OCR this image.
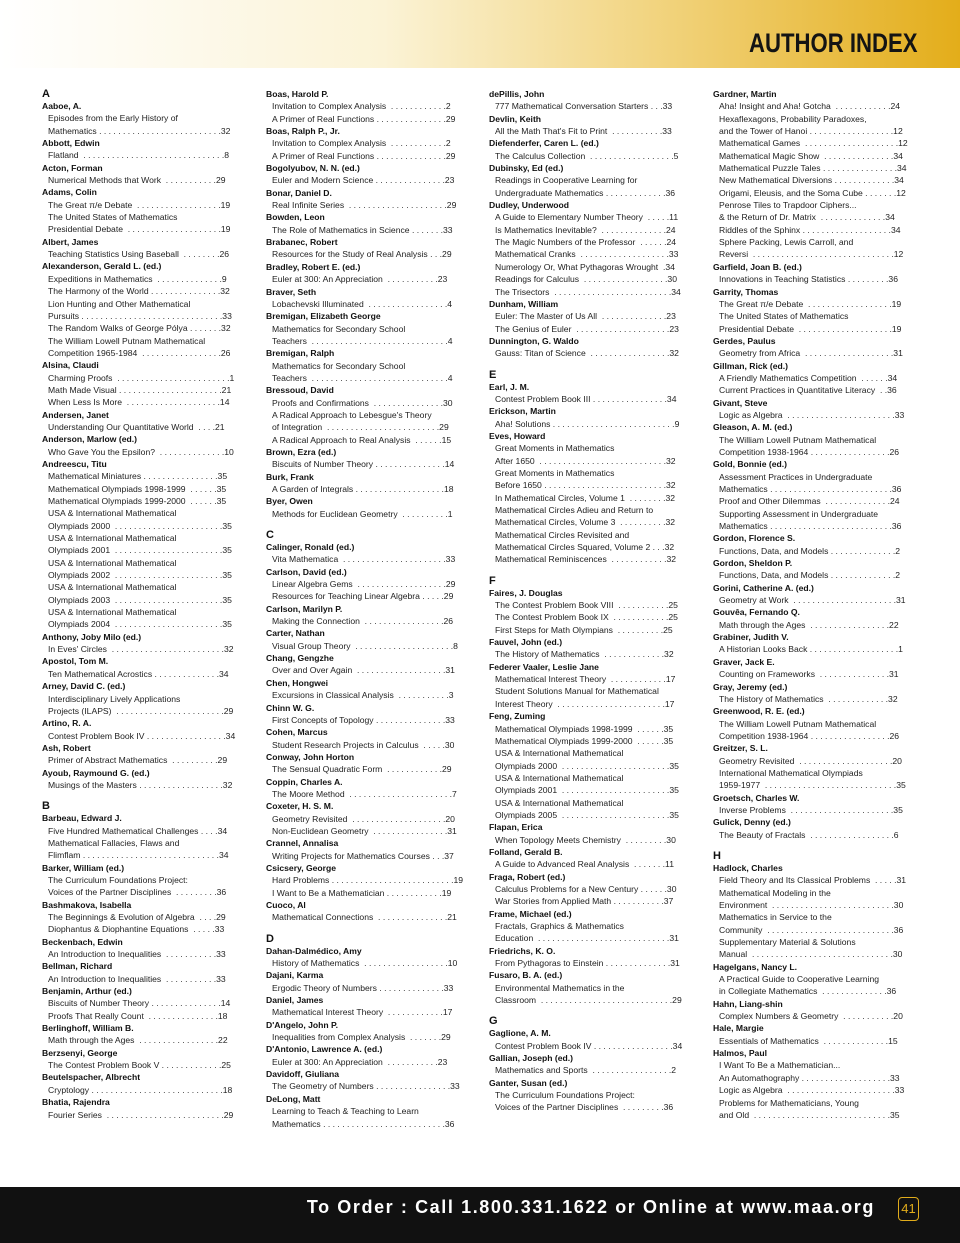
AUTHOR INDEX
A
Aaboe, A.
Episodes from the Early History of
Mathematics . . . . . . . . . . . . . . . . . . . . . . . . . .32
Abbott, Edwin
Flatland  . . . . . . . . . . . . . . . . . . . . . . . . . . . . . .8
Acton, Forman
Numerical Methods that Work  . . . . . . . . . . .29
Adams, Colin
The Great π/e Debate  . . . . . . . . . . . . . . . . . .19
The United States of Mathematics
Presidential Debate  . . . . . . . . . . . . . . . . . . . .19
Albert, James
Teaching Statistics Using Baseball  . . . . . . . .26
Alexanderson, Gerald L. (ed.)
Expeditions in Mathematics  . . . . . . . . . . . . . .9
The Harmony of the World . . . . . . . . . . . . . . .32
Lion Hunting and Other Mathematical
Pursuits . . . . . . . . . . . . . . . . . . . . . . . . . . . . . .33
The Random Walks of George Pólya . . . . . . .32
The William Lowell Putnam Mathematical
Competition 1965-1984  . . . . . . . . . . . . . . . . .26
Alsina, Claudi
Charming Proofs  . . . . . . . . . . . . . . . . . . . . . . . .1
Math Made Visual . . . . . . . . . . . . . . . . . . . . . .21
When Less Is More  . . . . . . . . . . . . . . . . . . . .14
Andersen, Janet
Understanding Our Quantitative World  . . . .21
Anderson, Marlow (ed.)
Who Gave You the Epsilon?  . . . . . . . . . . . . . .10
Andreescu, Titu
Mathematical Miniatures . . . . . . . . . . . . . . . .35
Mathematical Olympiads 1998-1999  . . . . . .35
Mathematical Olympiads 1999-2000  . . . . . .35
USA & International Mathematical
Olympiads 2000  . . . . . . . . . . . . . . . . . . . . . . .35
USA & International Mathematical
Olympiads 2001  . . . . . . . . . . . . . . . . . . . . . . .35
USA & International Mathematical
Olympiads 2002  . . . . . . . . . . . . . . . . . . . . . . .35
USA & International Mathematical
Olympiads 2003  . . . . . . . . . . . . . . . . . . . . . . .35
USA & International Mathematical
Olympiads 2004  . . . . . . . . . . . . . . . . . . . . . . .35
Anthony, Joby Milo (ed.)
In Eves' Circles  . . . . . . . . . . . . . . . . . . . . . . . .32
Apostol, Tom M.
Ten Mathematical Acrostics . . . . . . . . . . . . . .34
Arney, David C. (ed.)
Interdisciplinary Lively Applications
Projects (ILAPS)  . . . . . . . . . . . . . . . . . . . . . . .29
Artino, R. A.
Contest Problem Book IV . . . . . . . . . . . . . . . . .34
Ash, Robert
Primer of Abstract Mathematics  . . . . . . . . . .29
Ayoub, Raymound G. (ed.)
Musings of the Masters . . . . . . . . . . . . . . . . . .32
B
Barbeau, Edward J.
Five Hundred Mathematical Challenges . . . .34
Mathematical Fallacies, Flaws and
Flimflam . . . . . . . . . . . . . . . . . . . . . . . . . . . . .34
Barker, William (ed.)
The Curriculum Foundations Project:
Voices of the Partner Disciplines  . . . . . . . . .36
Bashmakova, Isabella
The Beginnings & Evolution of Algebra  . . . .29
Diophantus & Diophantine Equations  . . . . .33
Beckenbach, Edwin
An Introduction to Inequalities  . . . . . . . . . . .33
Bellman, Richard
An Introduction to Inequalities  . . . . . . . . . . .33
Benjamin, Arthur (ed.)
Biscuits of Number Theory . . . . . . . . . . . . . . .14
Proofs That Really Count  . . . . . . . . . . . . . . .18
Berlinghoff, William B.
Math through the Ages  . . . . . . . . . . . . . . . . .22
Berzsenyi, George
The Contest Problem Book V . . . . . . . . . . . . .25
Beutelspacher, Albrecht
Cryptology . . . . . . . . . . . . . . . . . . . . . . . . . . . .18
Bhatia, Rajendra
Fourier Series  . . . . . . . . . . . . . . . . . . . . . . . . .29
Boas, Harold P.
Invitation to Complex Analysis  . . . . . . . . . . . .2
A Primer of Real Functions . . . . . . . . . . . . . . .29
Boas, Ralph P., Jr.
Invitation to Complex Analysis  . . . . . . . . . . . .2
A Primer of Real Functions . . . . . . . . . . . . . . .29
Bogolyubov, N. N. (ed.)
Euler and Modern Science . . . . . . . . . . . . . . .23
Bonar, Daniel D.
Real Infinite Series  . . . . . . . . . . . . . . . . . . . . .29
Bowden, Leon
The Role of Mathematics in Science . . . . . . .33
Brabanec, Robert
Resources for the Study of Real Analysis . . .29
Bradley, Robert E. (ed.)
Euler at 300: An Appreciation  . . . . . . . . . . .23
Braver, Seth
Lobachevski Illuminated  . . . . . . . . . . . . . . . . .4
Bremigan, Elizabeth George
Mathematics for Secondary School
Teachers  . . . . . . . . . . . . . . . . . . . . . . . . . . . . .4
Bremigan, Ralph
Mathematics for Secondary School
Teachers  . . . . . . . . . . . . . . . . . . . . . . . . . . . . .4
Bressoud, David
Proofs and Confirmations  . . . . . . . . . . . . . . .30
A Radical Approach to Lebesgue's Theory
of Integration  . . . . . . . . . . . . . . . . . . . . . . . .29
A Radical Approach to Real Analysis  . . . . . .15
Brown, Ezra (ed.)
Biscuits of Number Theory . . . . . . . . . . . . . . .14
Burk, Frank
A Garden of Integrals . . . . . . . . . . . . . . . . . . .18
Byer, Owen
Methods for Euclidean Geometry  . . . . . . . . . .1
C
Calinger, Ronald (ed.)
Vita Mathematica  . . . . . . . . . . . . . . . . . . . . . .33
Carlson, David (ed.)
Linear Algebra Gems  . . . . . . . . . . . . . . . . . . .29
Resources for Teaching Linear Algebra . . . . .29
Carlson, Marilyn P.
Making the Connection  . . . . . . . . . . . . . . . . .26
Carter, Nathan
Visual Group Theory  . . . . . . . . . . . . . . . . . . . . .8
Chang, Gengzhe
Over and Over Again  . . . . . . . . . . . . . . . . . . .31
Chen, Hongwei
Excursions in Classical Analysis  . . . . . . . . . . .3
Chinn W. G.
First Concepts of Topology . . . . . . . . . . . . . . .33
Cohen, Marcus
Student Research Projects in Calculus  . . . . .30
Conway, John Horton
The Sensual Quadratic Form  . . . . . . . . . . . .29
Coppin, Charles A.
The Moore Method  . . . . . . . . . . . . . . . . . . . . . .7
Coxeter, H. S. M.
Geometry Revisited  . . . . . . . . . . . . . . . . . . . .20
Non-Euclidean Geometry  . . . . . . . . . . . . . . . .31
Crannel, Annalisa
Writing Projects for Mathematics Courses . . .37
Csicsery, George
Hard Problems . . . . . . . . . . . . . . . . . . . . . . . . . .19
I Want to Be a Mathematician . . . . . . . . . . . .19
Cuoco, Al
Mathematical Connections  . . . . . . . . . . . . . . .21
D
Dahan-Dalmédico, Amy
History of Mathematics  . . . . . . . . . . . . . . . . . .10
Dajani, Karma
Ergodic Theory of Numbers . . . . . . . . . . . . . .33
Daniel, James
Mathematical Interest Theory  . . . . . . . . . . . .17
D'Angelo, John P.
Inequalities from Complex Analysis  . . . . . . .29
D'Antonio, Lawrence A. (ed.)
Euler at 300: An Appreciation  . . . . . . . . . . .23
Davidoff, Giuliana
The Geometry of Numbers . . . . . . . . . . . . . . . .33
DeLong, Matt
Learning to Teach & Teaching to Learn
Mathematics . . . . . . . . . . . . . . . . . . . . . . . . . .36
dePillis, John
777 Mathematical Conversation Starters . . .33
Devlin, Keith
All the Math That's Fit to Print  . . . . . . . . . . .33
Diefenderfer, Caren L. (ed.)
The Calculus Collection  . . . . . . . . . . . . . . . . . .5
Dubinsky, Ed (ed.)
Readings in Cooperative Learning for
Undergraduate Mathematics . . . . . . . . . . . . .36
Dudley, Underwood
A Guide to Elementary Number Theory  . . . . .11
Is Mathematics Inevitable?  . . . . . . . . . . . . . .24
The Magic Numbers of the Professor  . . . . . .24
Mathematical Cranks  . . . . . . . . . . . . . . . . . . .33
Numerology Or, What Pythagoras Wrought  .34
Readings for Calculus  . . . . . . . . . . . . . . . . . .30
The Trisectors  . . . . . . . . . . . . . . . . . . . . . . . . .34
Dunham, William
Euler: The Master of Us All  . . . . . . . . . . . . . .23
The Genius of Euler  . . . . . . . . . . . . . . . . . . . .23
Dunnington, G. Waldo
Gauss: Titan of Science  . . . . . . . . . . . . . . . . .32
E
Earl, J. M.
Contest Problem Book III . . . . . . . . . . . . . . . .34
Erickson, Martin
Aha! Solutions . . . . . . . . . . . . . . . . . . . . . . . . . .9
Eves, Howard
Great Moments in Mathematics
After 1650  . . . . . . . . . . . . . . . . . . . . . . . . . . .32
Great Moments in Mathematics
Before 1650 . . . . . . . . . . . . . . . . . . . . . . . . . .32
In Mathematical Circles, Volume 1  . . . . . . . .32
Mathematical Circles Adieu and Return to
Mathematical Circles, Volume 3  . . . . . . . . . .32
Mathematical Circles Revisited and
Mathematical Circles Squared, Volume 2 . . .32
Mathematical Reminiscences  . . . . . . . . . . . .32
F
Faires, J. Douglas
The Contest Problem Book VIII  . . . . . . . . . . .25
The Contest Problem Book IX  . . . . . . . . . . . .25
First Steps for Math Olympians  . . . . . . . . . .25
Fauvel, John (ed.)
The History of Mathematics  . . . . . . . . . . . . .32
Federer Vaaler, Leslie Jane
Mathematical Interest Theory  . . . . . . . . . . . .17
Student Solutions Manual for Mathematical
Interest Theory  . . . . . . . . . . . . . . . . . . . . . . .17
Feng, Zuming
Mathematical Olympiads 1998-1999  . . . . . .35
Mathematical Olympiads 1999-2000  . . . . . .35
USA & International Mathematical
Olympiads 2000  . . . . . . . . . . . . . . . . . . . . . . .35
USA & International Mathematical
Olympiads 2001  . . . . . . . . . . . . . . . . . . . . . . .35
USA & International Mathematical
Olympiads 2005  . . . . . . . . . . . . . . . . . . . . . . .35
Flapan, Erica
When Topology Meets Chemistry  . . . . . . . . .30
Folland, Gerald B.
A Guide to Advanced Real Analysis  . . . . . . .11
Fraga, Robert (ed.)
Calculus Problems for a New Century . . . . . .30
War Stories from Applied Math . . . . . . . . . . .37
Frame, Michael (ed.)
Fractals, Graphics & Mathematics
Education  . . . . . . . . . . . . . . . . . . . . . . . . . . . .31
Friedrichs, K. O.
From Pythagoras to Einstein . . . . . . . . . . . . . .31
Fusaro, B. A. (ed.)
Environmental Mathematics in the
Classroom  . . . . . . . . . . . . . . . . . . . . . . . . . . . .29
G
Gaglione, A. M.
Contest Problem Book IV . . . . . . . . . . . . . . . . .34
Gallian, Joseph (ed.)
Mathematics and Sports  . . . . . . . . . . . . . . . . .2
Ganter, Susan (ed.)
The Curriculum Foundations Project:
Voices of the Partner Disciplines  . . . . . . . . .36
Gardner, Martin
Aha! Insight and Aha! Gotcha  . . . . . . . . . . . .24
Hexaflexagons, Probability Paradoxes,
and the Tower of Hanoi . . . . . . . . . . . . . . . . . .12
Mathematical Games  . . . . . . . . . . . . . . . . . . . .12
Mathematical Magic Show  . . . . . . . . . . . . . . .34
Mathematical Puzzle Tales . . . . . . . . . . . . . . . .34
New Mathematical Diversions . . . . . . . . . . . . .34
Origami, Eleusis, and the Soma Cube . . . . . . .12
Penrose Tiles to Trapdoor Ciphers...
& the Return of Dr. Matrix  . . . . . . . . . . . . . .34
Riddles of the Sphinx . . . . . . . . . . . . . . . . . . .34
Sphere Packing, Lewis Carroll, and
Reversi  . . . . . . . . . . . . . . . . . . . . . . . . . . . . . .12
Garfield, Joan B. (ed.)
Innovations in Teaching Statistics . . . . . . . . .36
Garrity, Thomas
The Great π/e Debate  . . . . . . . . . . . . . . . . . .19
The United States of Mathematics
Presidential Debate  . . . . . . . . . . . . . . . . . . . .19
Gerdes, Paulus
Geometry from Africa  . . . . . . . . . . . . . . . . . . .31
Gillman, Rick (ed.)
A Friendly Mathematics Competition  . . . . . .34
Current Practices in Quantitative Literacy  . .36
Givant, Steve
Logic as Algebra  . . . . . . . . . . . . . . . . . . . . . . .33
Gleason, A. M. (ed.)
The William Lowell Putnam Mathematical
Competition 1938-1964 . . . . . . . . . . . . . . . . .26
Gold, Bonnie (ed.)
Assessment Practices in Undergraduate
Mathematics . . . . . . . . . . . . . . . . . . . . . . . . . .36
Proof and Other Dilemmas  . . . . . . . . . . . . . .24
Supporting Assessment in Undergraduate
Mathematics . . . . . . . . . . . . . . . . . . . . . . . . . .36
Gordon, Florence S.
Functions, Data, and Models . . . . . . . . . . . . . .2
Gordon, Sheldon P.
Functions, Data, and Models . . . . . . . . . . . . . .2
Gorini, Catherine A. (ed.)
Geometry at Work  . . . . . . . . . . . . . . . . . . . . . .31
Gouvêa, Fernando Q.
Math through the Ages  . . . . . . . . . . . . . . . . .22
Grabiner, Judith V.
A Historian Looks Back . . . . . . . . . . . . . . . . . . .1
Graver, Jack E.
Counting on Frameworks  . . . . . . . . . . . . . . .31
Gray, Jeremy (ed.)
The History of Mathematics  . . . . . . . . . . . . .32
Greenwood, R. E. (ed.)
The William Lowell Putnam Mathematical
Competition 1938-1964 . . . . . . . . . . . . . . . . .26
Greitzer, S. L.
Geometry Revisited  . . . . . . . . . . . . . . . . . . . .20
International Mathematical Olympiads
1959-1977  . . . . . . . . . . . . . . . . . . . . . . . . . . . .35
Groetsch, Charles W.
Inverse Problems  . . . . . . . . . . . . . . . . . . . . . .35
Gulick, Denny (ed.)
The Beauty of Fractals  . . . . . . . . . . . . . . . . . .6
H
Hadlock, Charles
Field Theory and Its Classical Problems  . . . . .31
Mathematical Modeling in the
Environment  . . . . . . . . . . . . . . . . . . . . . . . . . .30
Mathematics in Service to the
Community  . . . . . . . . . . . . . . . . . . . . . . . . . . .36
Supplementary Material & Solutions
Manual  . . . . . . . . . . . . . . . . . . . . . . . . . . . . . .30
Hagelgans, Nancy L.
A Practical Guide to Cooperative Learning
in Collegiate Mathematics  . . . . . . . . . . . . . .36
Hahn, Liang-shin
Complex Numbers & Geometry  . . . . . . . . . . .20
Hale, Margie
Essentials of Mathematics  . . . . . . . . . . . . . .15
Halmos, Paul
I Want To Be a Mathematician...
An Automathography . . . . . . . . . . . . . . . . . . .33
Logic as Algebra  . . . . . . . . . . . . . . . . . . . . . . .33
Problems for Mathematicians, Young
and Old  . . . . . . . . . . . . . . . . . . . . . . . . . . . . .35
To Order : Call 1.800.331.1622 or Online at www.maa.org 41
